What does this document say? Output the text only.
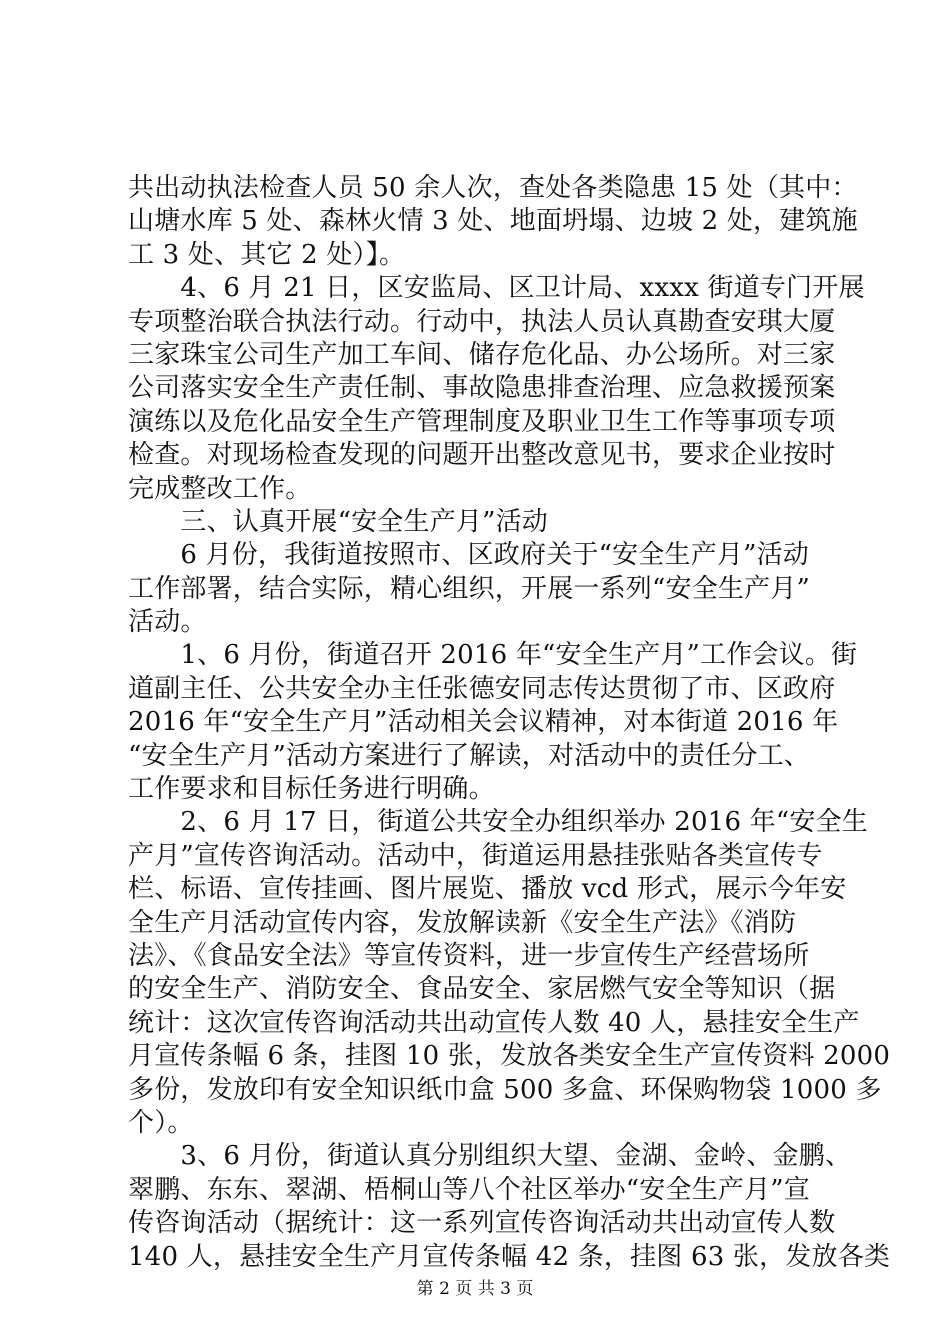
共出动执法检查人员 50 余人次，查处各类隐患 15 处（其中：
山塘水库 5 处、森林火情 3 处、地面坍塌、边坡 2 处，建筑施
工 3 处、其它 2 处）】。
　　4、6 月 21 日，区安监局、区卫计局、xxxx 街道专门开展
专项整治联合执法行动。行动中，执法人员认真勘查安琪大厦
三家珠宝公司生产加工车间、储存危化品、办公场所。对三家
公司落实安全生产责任制、事故隐患排查治理、应急救援预案
演练以及危化品安全生产管理制度及职业卫生工作等事项专项
检查。对现场检查发现的问题开出整改意见书，要求企业按时
完成整改工作。
　　三、认真开展“安全生产月”活动
　　6 月份，我街道按照市、区政府关于“安全生产月”活动
工作部署，结合实际，精心组织，开展一系列“安全生产月”
活动。
　　1、6 月份，街道召开 2016 年“安全生产月”工作会议。街
道副主任、公共安全办主任张德安同志传达贯彻了市、区政府
2016 年“安全生产月”活动相关会议精神，对本街道 2016 年
“安全生产月”活动方案进行了解读，对活动中的责任分工、
工作要求和目标任务进行明确。
　　2、6 月 17 日，街道公共安全办组织举办 2016 年“安全生
产月”宣传咨询活动。活动中，街道运用悬挂张贴各类宣传专
栏、标语、宣传挂画、图片展览、播放 vcd 形式，展示今年安
全生产月活动宣传内容，发放解读新《安全生产法》《消防
法》、《食品安全法》等宣传资料，进一步宣传生产经营场所
的安全生产、消防安全、食品安全、家居燃气安全等知识（据
统计：这次宣传咨询活动共出动宣传人数 40 人，悬挂安全生产
月宣传条幅 6 条，挂图 10 张，发放各类安全生产宣传资料 2000
多份，发放印有安全知识纸巾盒 500 多盒、环保购物袋 1000 多
个）。
　　3、6 月份，街道认真分别组织大望、金湖、金岭、金鹏、
翠鹏、东东、翠湖、梧桐山等八个社区举办“安全生产月”宣
传咨询活动（据统计：这一系列宣传咨询活动共出动宣传人数
140 人，悬挂安全生产月宣传条幅 42 条，挂图 63 张，发放各类
第 2 页 共 3 页
